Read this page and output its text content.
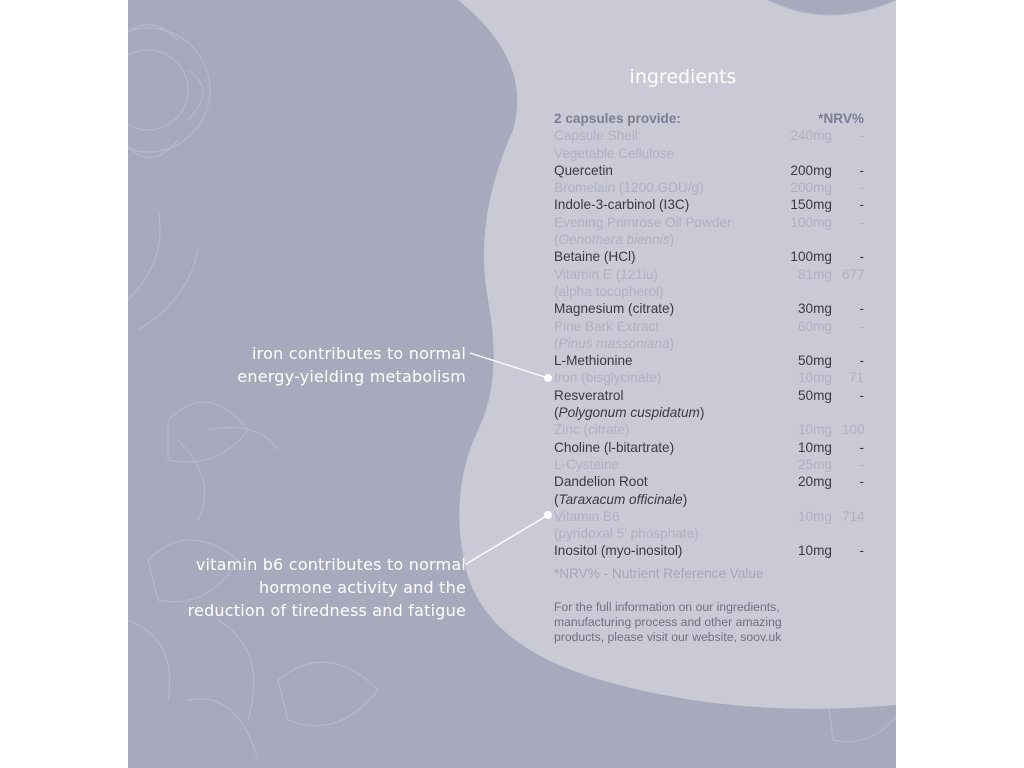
ingredients
2 capsules provide:	*NRV%
Capsule Shell:	240mg	-
Vegetable Cellulose
Quercetin	200mg	-
Bromelain (1200 GDU/g)	200mg	-
Indole-3-carbinol (I3C)	150mg	-
Evening Primrose Oil Powder	100mg	-
(Oenothera biennis)
Betaine (HCl)	100mg	-
Vitamin E (121iu)	81mg 677
(alpha tocopherol)
Magnesium (citrate)	30mg	-
Pine Bark Extract	60mg	-
(Pinus massoniana)
L-Methionine	50mg	-
Iron (bisglycinate)	10mg	71
Resveratrol	50mg	-
(Polygonum cuspidatum)
Zinc (citrate)	10mg 100
Choline (l-bitartrate)	10mg	-
L-Cysteine	25mg	-
Dandelion Root	20mg	-
(Taraxacum officinale)
Vitamin B6	10mg 714
(pyridoxal 5' phosphate)
Inositol (myo-inositol)	10mg	-
*NRV% - Nutrient Reference Value
For the full information on our ingredients,
manufacturing process and other amazing
products, please visit our website, soov.uk
iron contributes to normal
energy-yielding metabolism
vitamin b6 contributes to normal
hormone activity and the
reduction of tiredness and fatigue
